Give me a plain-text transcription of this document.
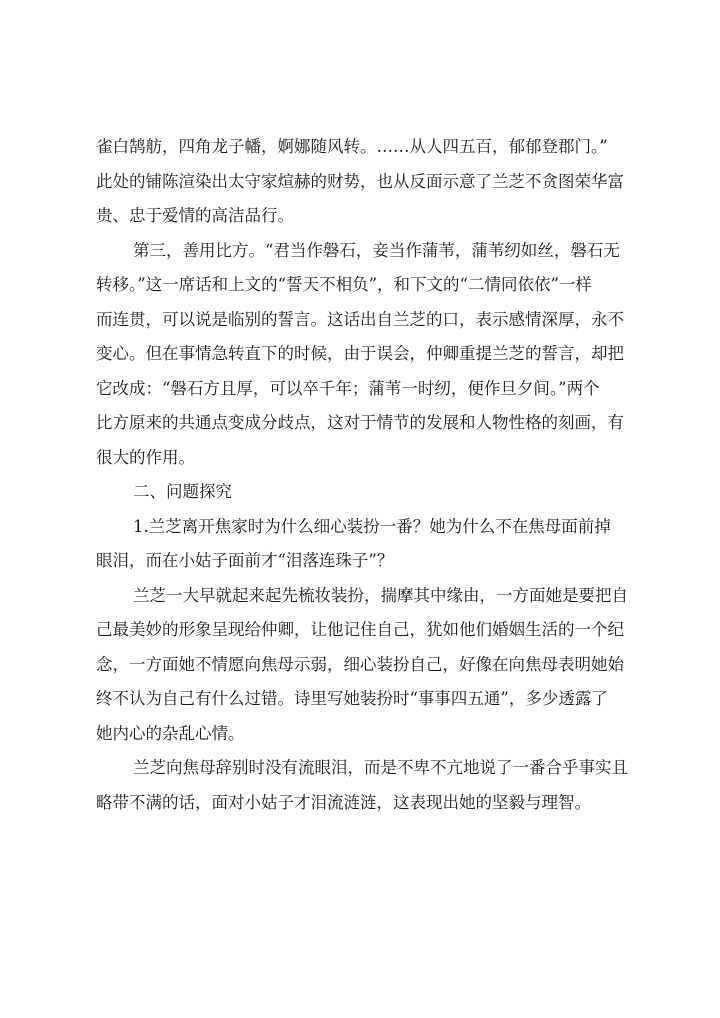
雀白鹄舫，四角龙子幡，婀娜随风转。……从人四五百，郁郁登郡门。”
此处的铺陈渲染出太守家煊赫的财势，也从反面示意了兰芝不贪图荣华富
贵、忠于爱情的高洁品行。

第三，善用比方。“君当作磐石，妾当作蒲苇，蒲苇纫如丝，磐石无
转移。”这一席话和上文的“誓天不相负”，和下文的“二情同依依”一样
而连贯，可以说是临别的誓言。这话出自兰芝的口，表示感情深厚，永不
变心。但在事情急转直下的时候，由于误会，仲卿重提兰芝的誓言，却把
它改成：“磐石方且厚，可以卒千年；蒲苇一时纫，便作旦夕间。”两个
比方原来的共通点变成分歧点，这对于情节的发展和人物性格的刻画，有
很大的作用。

二、问题探究

1.兰芝离开焦家时为什么细心装扮一番？她为什么不在焦母面前掉
眼泪，而在小姑子面前才“泪落连珠子”？

兰芝一大早就起来起先梳妆装扮，揣摩其中缘由，一方面她是要把自
己最美妙的形象呈现给仲卿，让他记住自己，犹如他们婚姻生活的一个纪
念，一方面她不情愿向焦母示弱，细心装扮自己，好像在向焦母表明她始
终不认为自己有什么过错。诗里写她装扮时“事事四五通”，多少透露了
她内心的杂乱心情。

兰芝向焦母辞别时没有流眼泪，而是不卑不亢地说了一番合乎事实且
略带不满的话，面对小姑子才泪流涟涟，这表现出她的坚毅与理智。
